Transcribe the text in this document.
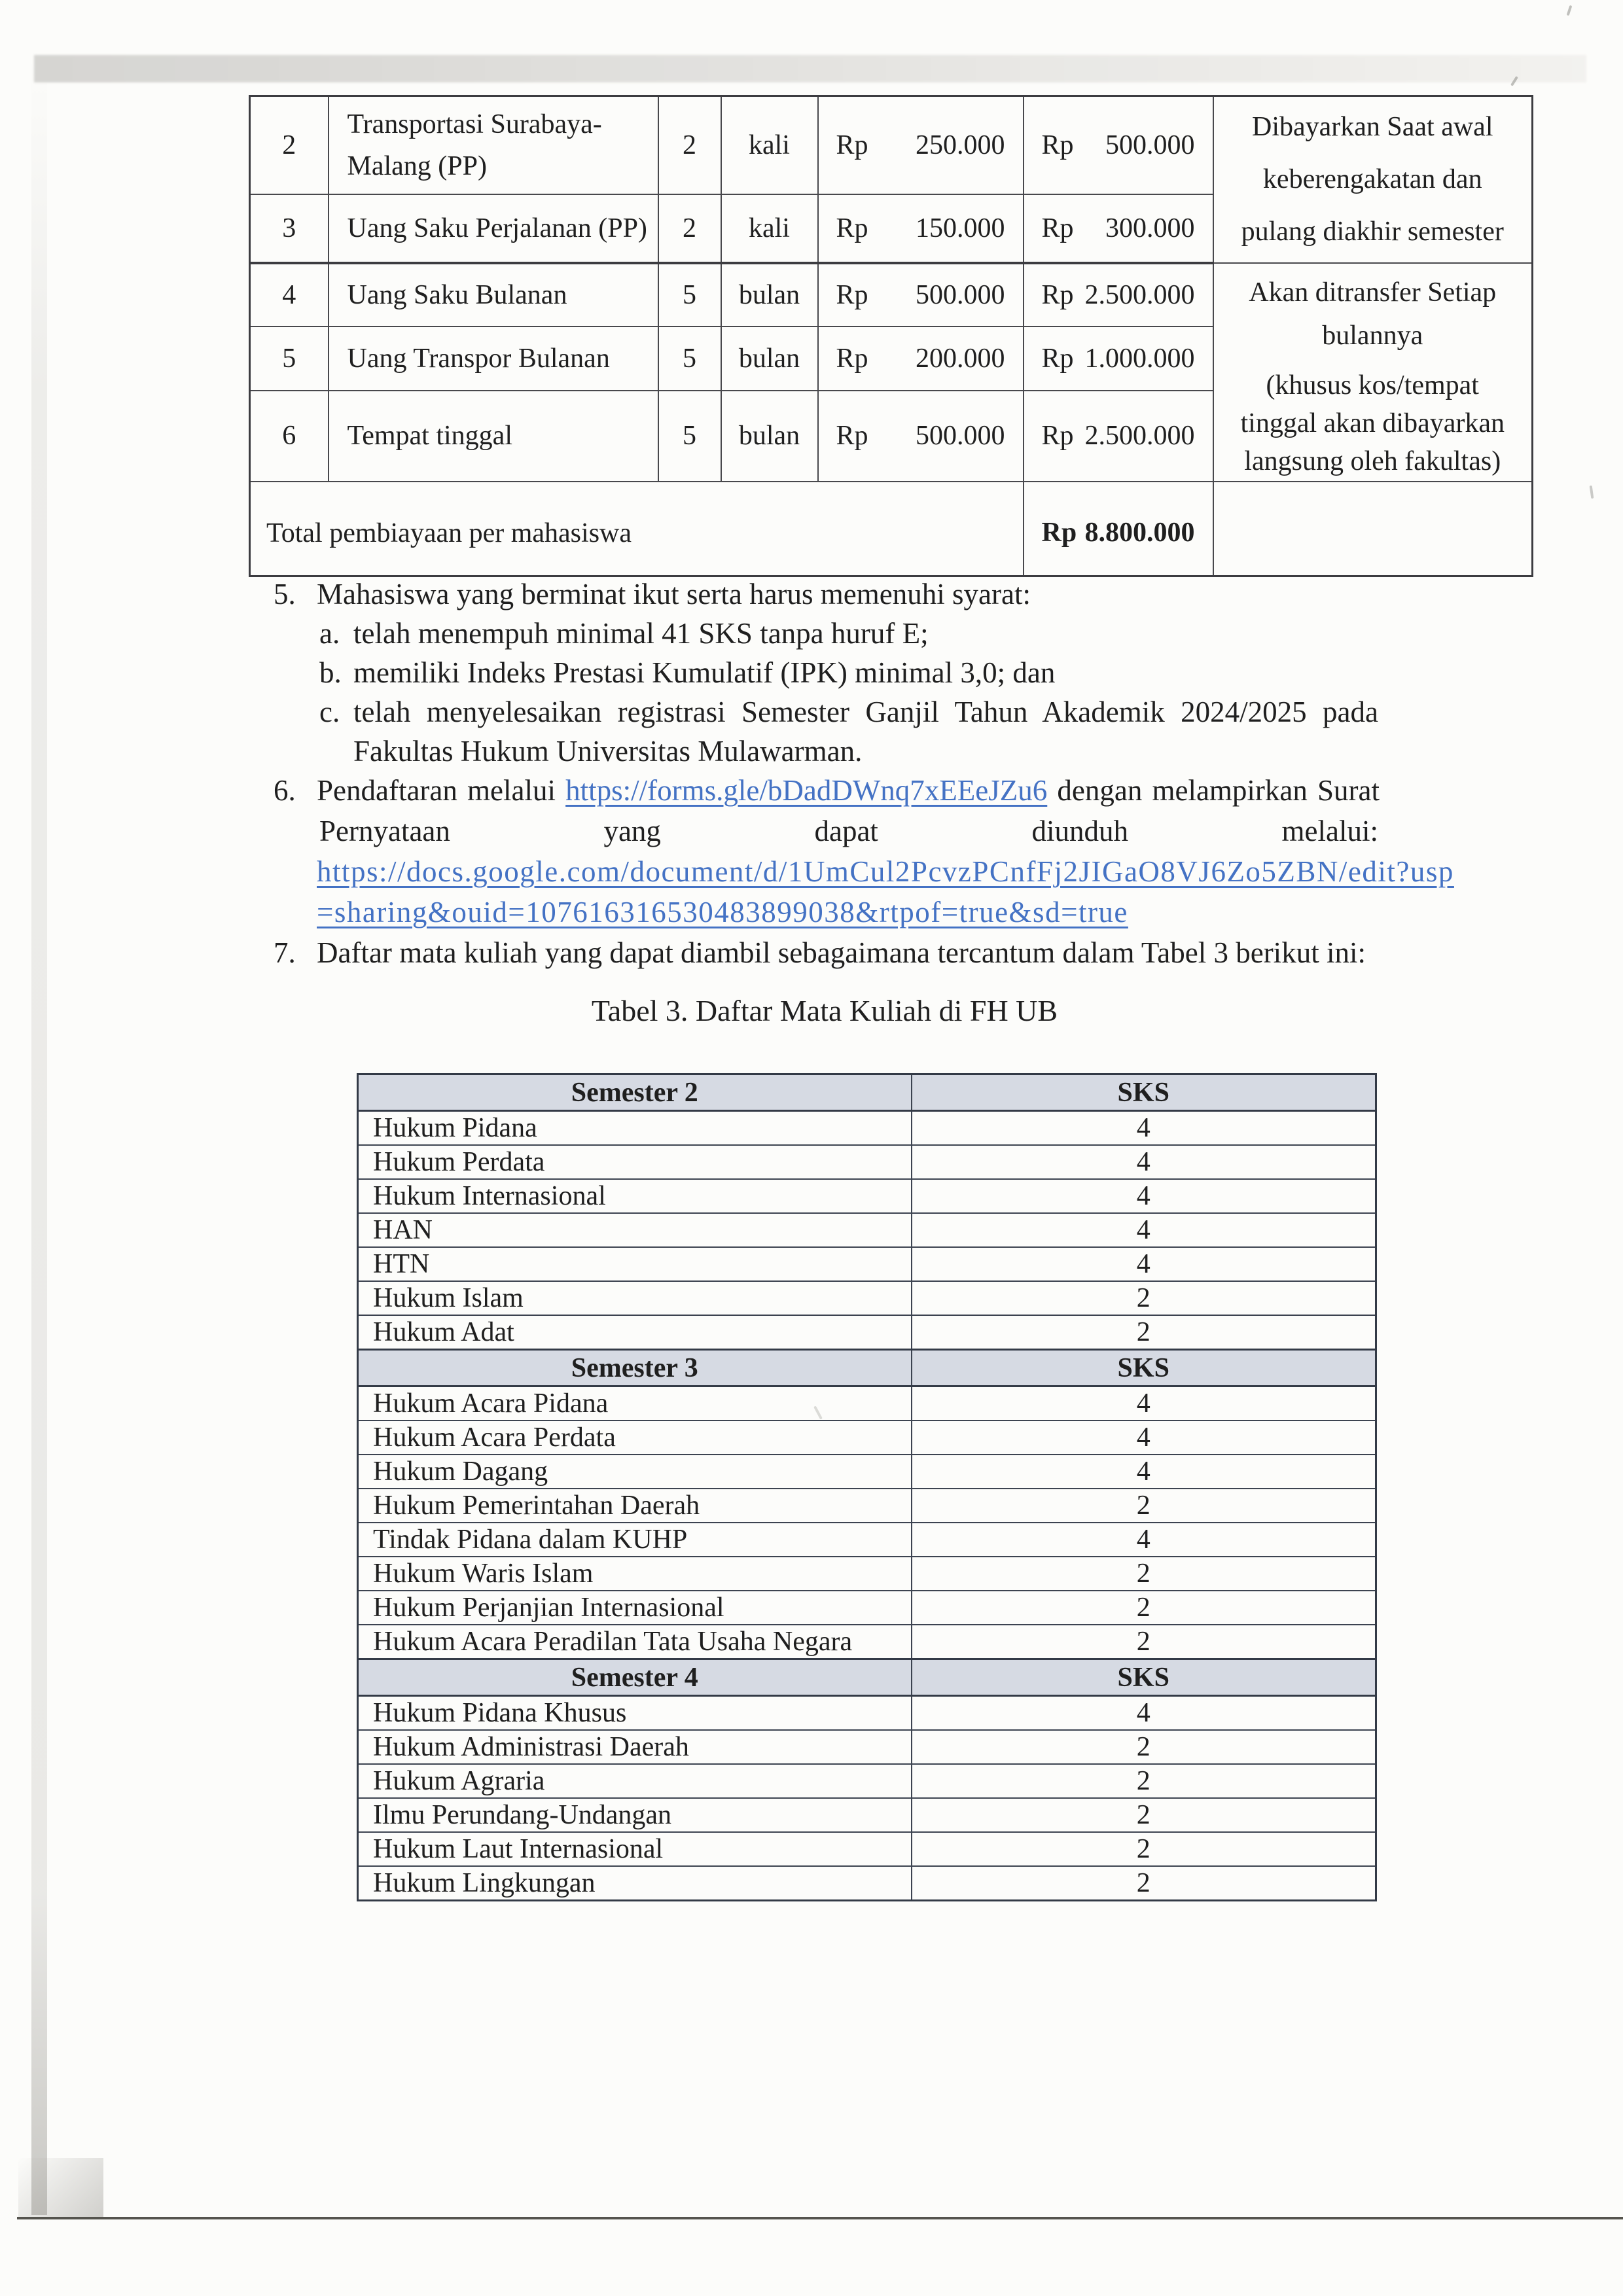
2	Transportasi Surabaya-Malang (PP)	2	kali	Rp 250.000	Rp 500.000	Dibayarkan Saat awal keberengakatan dan pulang diakhir semester

3	Uang Saku Perjalanan (PP)	2	kali	Rp 150.000	Rp 300.000	

4	Uang Saku Bulanan	5	bulan	Rp 500.000	Rp 2.500.000	Akan ditransfer Setiap bulannya
(khusus kos/tempat tinggal akan dibayarkan langsung oleh fakultas)

5	Uang Transpor Bulanan	5	bulan	Rp 200.000	Rp 1.000.000	

6	Tempat tinggal	5	bulan	Rp 500.000	Rp 2.500.000	

Total pembiayaan per mahasiswa					Rp 8.800.000	

5. Mahasiswa yang berminat ikut serta harus memenuhi syarat:
a. telah menempuh minimal 41 SKS tanpa huruf E;
b. memiliki Indeks Prestasi Kumulatif (IPK) minimal 3,0; dan
c. telah menyelesaikan registrasi Semester Ganjil Tahun Akademik 2024/2025 pada
Fakultas Hukum Universitas Mulawarman.
6. Pendaftaran melalui https://forms.gle/bDadDWnq7xEEeJZu6 dengan melampirkan Surat
Pernyataan yang dapat diunduh melalui:
https://docs.google.com/document/d/1UmCul2PcvzPCnfFj2JIGaO8VJ6Zo5ZBN/edit?usp
=sharing&ouid=107616316530483899038&rtpof=true&sd=true
7. Daftar mata kuliah yang dapat diambil sebagaimana tercantum dalam Tabel 3 berikut ini:
Tabel 3. Daftar Mata Kuliah di FH UB
Semester 2	SKS
Hukum Pidana	4
Hukum Perdata	4
Hukum Internasional	4
HAN	4
HTN	4
Hukum Islam	2
Hukum Adat	2
Semester 3	SKS
Hukum Acara Pidana	4
Hukum Acara Perdata	4
Hukum Dagang	4
Hukum Pemerintahan Daerah	2
Tindak Pidana dalam KUHP	4
Hukum Waris Islam	2
Hukum Perjanjian Internasional	2
Hukum Acara Peradilan Tata Usaha Negara	2
Semester 4	SKS
Hukum Pidana Khusus	4
Hukum Administrasi Daerah	2
Hukum Agraria	2
Ilmu Perundang-Undangan	2
Hukum Laut Internasional	2
Hukum Lingkungan	2
